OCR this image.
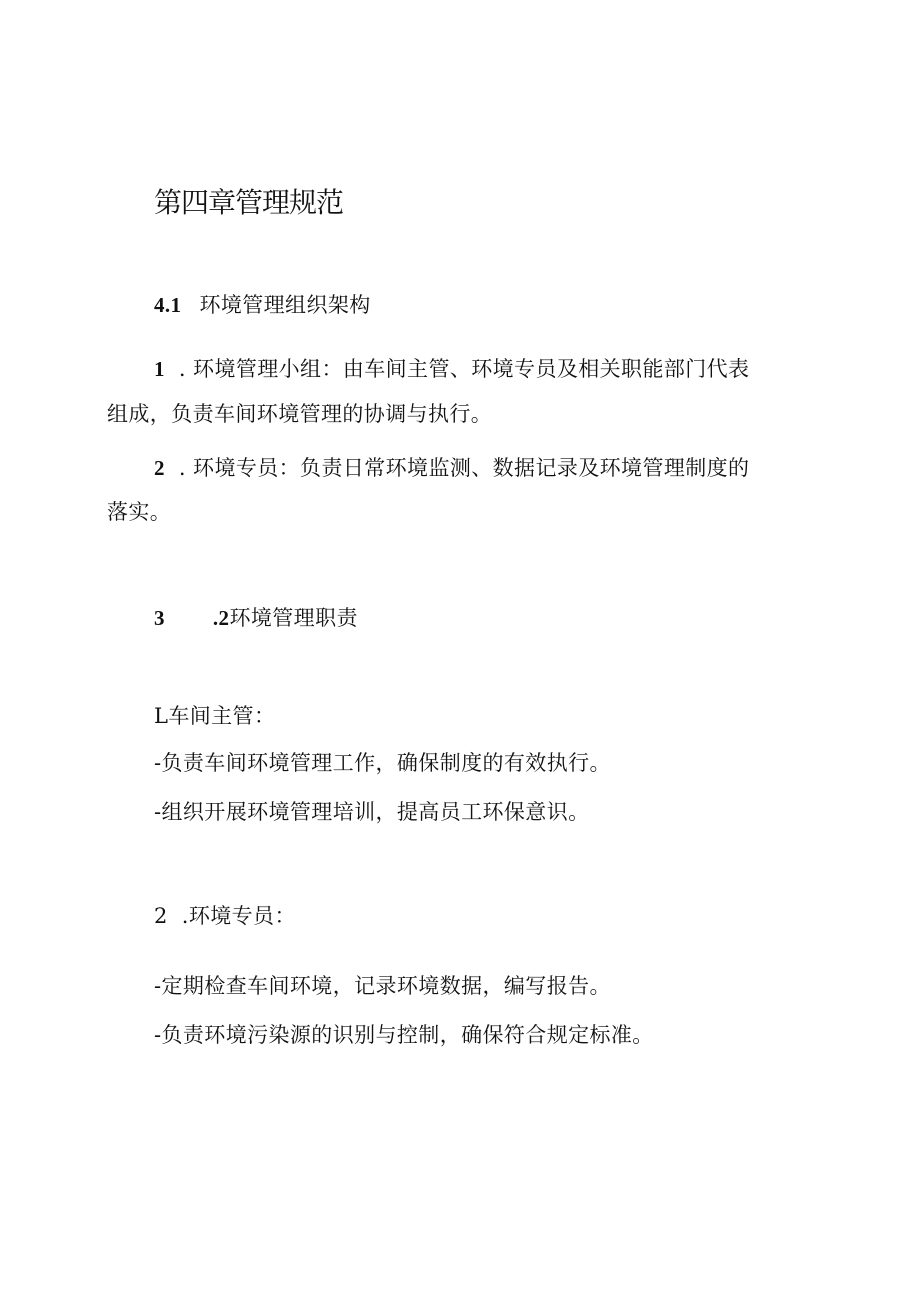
第四章管理规范
4.1 环境管理组织架构
1 . 环境管理小组：由车间主管、环境专员及相关职能部门代表
组成，负责车间环境管理的协调与执行。
2 . 环境专员：负责日常环境监测、数据记录及环境管理制度的
落实。
3 .2环境管理职责
L车间主管：
-负责车间环境管理工作，确保制度的有效执行。
-组织开展环境管理培训，提高员工环保意识。
2 .环境专员：
-定期检查车间环境，记录环境数据，编写报告。
-负责环境污染源的识别与控制，确保符合规定标准。
